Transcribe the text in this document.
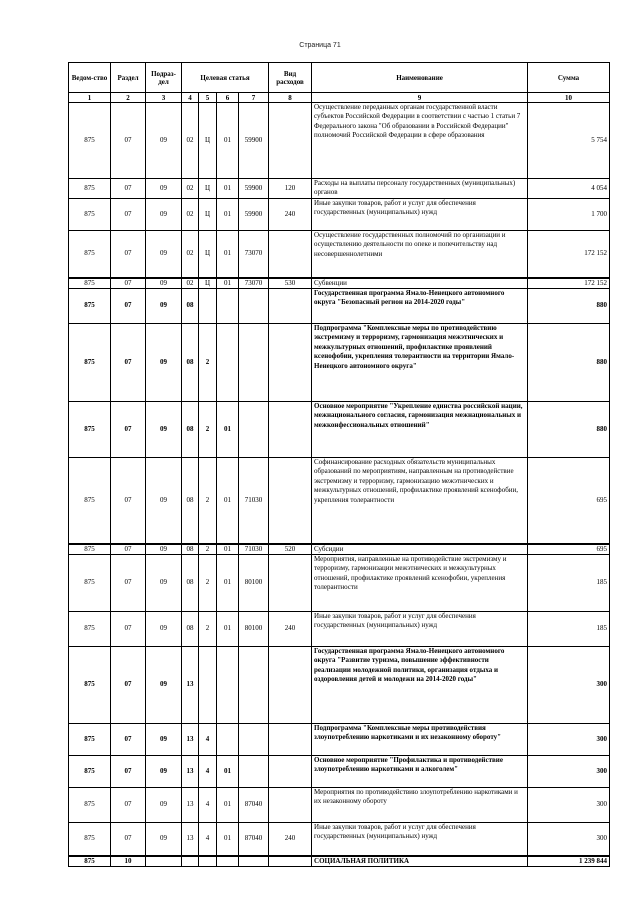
Страница 71
Ведом-ство	Раздел	Подраз-дел	Целевая статья				Вид расходов	Наименование	Сумма
1	2	3	4	5	6	7	8	9	10
875	07	09	02	Ц	01	59900		Осуществление переданных органам государственной власти субъектов Российской Федерации в соответствии с частью 1 статьи 7 Федерального закона "Об образовании в Российской Федерации" полномочий Российской Федерации в сфере образования	5 754
875	07	09	02	Ц	01	59900	120	Расходы на выплаты персоналу государственных (муниципальных) органов	4 054
875	07	09	02	Ц	01	59900	240	Иные закупки товаров, работ и услуг для обеспечения государственных (муниципальных) нужд	1 700
875	07	09	02	Ц	01	73070		Осуществление государственных полномочий по организации и осуществлению деятельности по опеке и попечительству над несовершеннолетними	172 152
875	07	09	02	Ц	01	73070	530	Субвенции	172 152
875	07	09	08					Государственная программа Ямало-Ненецкого автономного округа "Безопасный регион на 2014-2020 годы"	880
875	07	09	08	2				Подпрограмма "Комплексные меры по противодействию экстремизму и терроризму, гармонизация межэтнических и межкультурных отношений, профилактике проявлений ксенофобии, укрепления толерантности на территории Ямало-Ненецкого автономного округа"	880
875	07	09	08	2	01			Основное мероприятие "Укрепление единства российской нации, межнационального согласия, гармонизация межнациональных и межконфессиональных отношений"	880
875	07	09	08	2	01	71030		Софинансирование расходных обязательств муниципальных образований по мероприятиям, направленным на противодействие экстремизму и терроризму, гармонизацию межэтнических и межкультурных отношений, профилактике проявлений ксенофобии, укрепления толерантности	695
875	07	09	08	2	01	71030	520	Субсидии	695
875	07	09	08	2	01	80100		Мероприятия, направленные на противодействие экстремизму и терроризму, гармонизации межэтнических и межкультурных отношений, профилактике проявлений ксенофобии, укрепления толерантности	185
875	07	09	08	2	01	80100	240	Иные закупки товаров, работ и услуг для обеспечения государственных (муниципальных) нужд	185
875	07	09	13					Государственная программа Ямало-Ненецкого автономного округа "Развитие туризма, повышение эффективности реализации молодежной политики, организация отдыха и оздоровления детей и молодежи на 2014-2020 годы"	300
875	07	09	13	4				Подпрограмма "Комплексные меры противодействия злоупотреблению наркотиками и их незаконному обороту"	300
875	07	09	13	4	01			Основное мероприятие "Профилактика и противодействие злоупотреблению наркотиками и алкоголем"	300
875	07	09	13	4	01	87040		Мероприятия по противодействию злоупотреблению наркотиками и их незаконному обороту	300
875	07	09	13	4	01	87040	240	Иные закупки товаров, работ и услуг для обеспечения государственных (муниципальных) нужд	300
875	10							СОЦИАЛЬНАЯ ПОЛИТИКА	1 239 844
